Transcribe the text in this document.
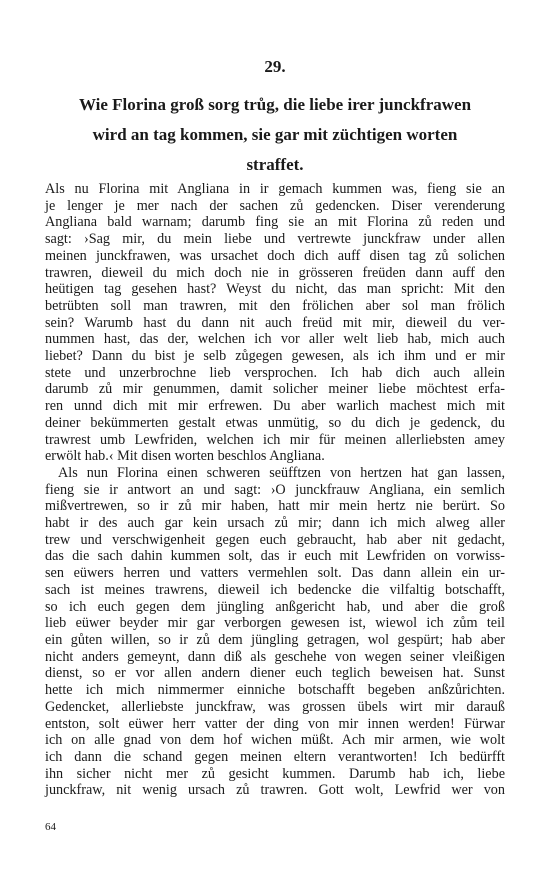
29.
Wie Florina groß sorg trůg, die liebe irer junckfrawen
wird an tag kommen, sie gar mit züchtigen worten
straffet.
Als nu Florina mit Angliana in ir gemach kummen was, fieng sie an
je lenger je mer nach der sachen zů gedencken. Diser verenderung
Angliana bald warnam; darumb fing sie an mit Florina zů reden und
sagt: ›Sag mir, du mein liebe und vertrewte junckfraw under allen
meinen junckfrawen, was ursachet doch dich auff disen tag zů solichen
trawren, dieweil du mich doch nie in grösseren freüden dann auff den
heütigen tag gesehen hast? Weyst du nicht, das man spricht: Mit den
betrübten soll man trawren, mit den frölichen aber sol man frölich
sein? Warumb hast du dann nit auch freüd mit mir, dieweil du ver-
nummen hast, das der, welchen ich vor aller welt lieb hab, mich auch
liebet? Dann du bist je selb zůgegen gewesen, als ich ihm und er mir
stete und unzerbrochne lieb versprochen. Ich hab dich auch allein
darumb zů mir genummen, damit solicher meiner liebe möchtest erfa-
ren unnd dich mit mir erfrewen. Du aber warlich machest mich mit
deiner bekümmerten gestalt etwas unmütig, so du dich je gedenck, du
trawrest umb Lewfriden, welchen ich mir für meinen allerliebsten amey
erwölt hab.‹ Mit disen worten beschlos Angliana.
Als nun Florina einen schweren seüfftzen von hertzen hat gan lassen,
fieng sie ir antwort an und sagt: ›O junckfrauw Angliana, ein semlich
mißvertrewen, so ir zů mir haben, hatt mir mein hertz nie berürt. So
habt ir des auch gar kein ursach zů mir; dann ich mich alweg aller
trew und verschwigenheit gegen euch gebraucht, hab aber nit gedacht,
das die sach dahin kummen solt, das ir euch mit Lewfriden on vorwiss-
sen eüwers herren und vatters vermehlen solt. Das dann allein ein ur-
sach ist meines trawrens, dieweil ich bedencke die vilfaltig botschafft,
so ich euch gegen dem jüngling anßgericht hab, und aber die groß
lieb eüwer beyder mir gar verborgen gewesen ist, wiewol ich zům teil
ein gůten willen, so ir zů dem jüngling getragen, wol gespürt; hab aber
nicht anders gemeynt, dann diß als geschehe von wegen seiner vleißigen
dienst, so er vor allen andern diener euch teglich beweisen hat. Sunst
hette ich mich nimmermer einniche botschafft begeben anßzůrichten.
Gedencket, allerliebste junckfraw, was grossen übels wirt mir darauß
entston, solt eüwer herr vatter der ding von mir innen werden! Fürwar
ich on alle gnad von dem hof wichen müßt. Ach mir armen, wie wolt
ich dann die schand gegen meinen eltern verantworten! Ich bedürfft
ihn sicher nicht mer zů gesicht kummen. Darumb hab ich, liebe
junckfraw, nit wenig ursach zů trawren. Gott wolt, Lewfrid wer von
64
